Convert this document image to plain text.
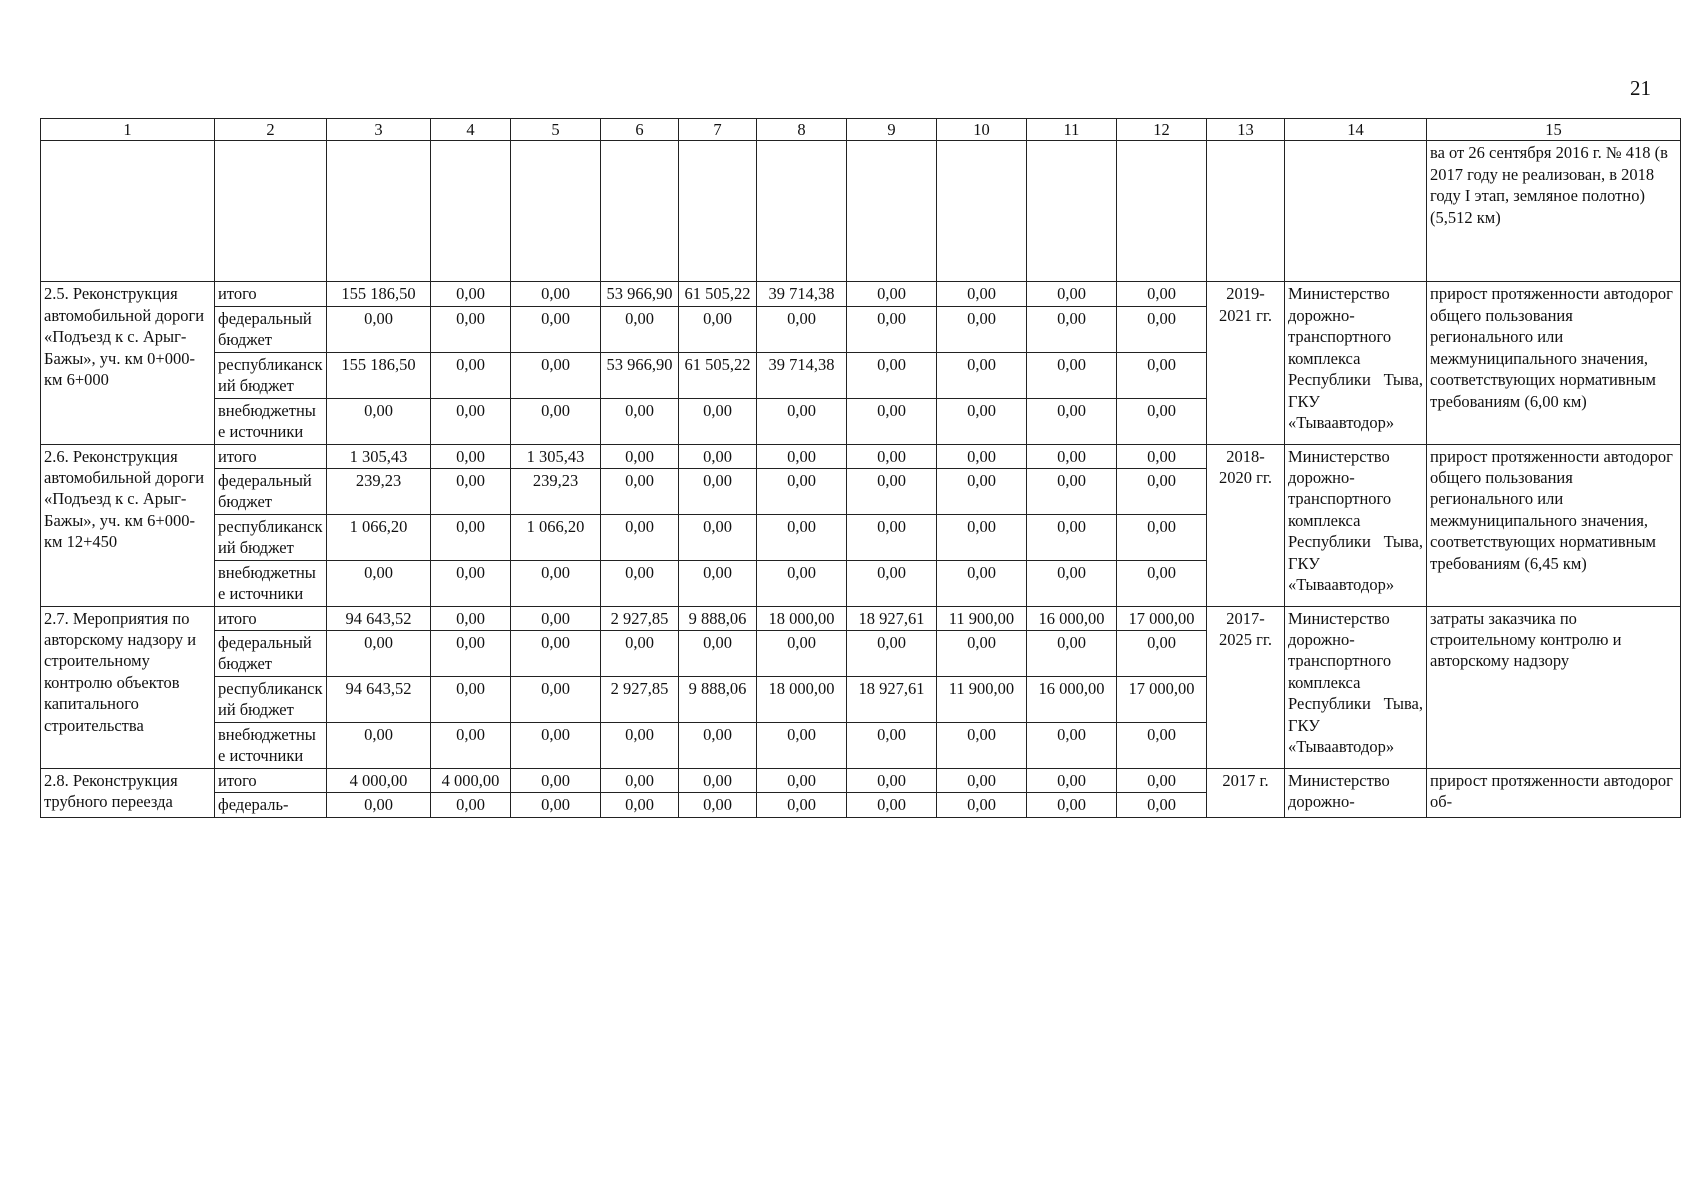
21
1	2	3	4	5	6	7	8	9	10	11	12	13	14	15
														ва от 26 сентября 2016 г. № 418 (в 2017 году не реализован, в 2018 году I этап, земляное полотно) (5,512 км)
2.5. Реконструкция автомобильной дороги «Подъезд к с. Арыг-Бажы», уч. км 0+000-км 6+000	итого	155 186,50	0,00	0,00	53 966,90	61 505,22	39 714,38	0,00	0,00	0,00	0,00	2019-2021 гг.	Министерство дорожно-транспортного комплекса Республики Тыва, ГКУ «Тываавтодор»	прирост протяженности автодорог общего пользования регионального или межмуниципального значения, соответствующих нормативным требованиям (6,00 км)
	федеральный бюджет	0,00	0,00	0,00	0,00	0,00	0,00	0,00	0,00	0,00	0,00			
	республиканский бюджет	155 186,50	0,00	0,00	53 966,90	61 505,22	39 714,38	0,00	0,00	0,00	0,00			
	внебюджетные источники	0,00	0,00	0,00	0,00	0,00	0,00	0,00	0,00	0,00	0,00			
2.6. Реконструкция автомобильной дороги «Подъезд к с. Арыг-Бажы», уч. км 6+000-км 12+450	итого	1 305,43	0,00	1 305,43	0,00	0,00	0,00	0,00	0,00	0,00	0,00	2018-2020 гг.	Министерство дорожно-транспортного комплекса Республики Тыва, ГКУ «Тываавтодор»	прирост протяженности автодорог общего пользования регионального или межмуниципального значения, соответствующих нормативным требованиям (6,45 км)
	федеральный бюджет	239,23	0,00	239,23	0,00	0,00	0,00	0,00	0,00	0,00	0,00			
	республиканский бюджет	1 066,20	0,00	1 066,20	0,00	0,00	0,00	0,00	0,00	0,00	0,00			
	внебюджетные источники	0,00	0,00	0,00	0,00	0,00	0,00	0,00	0,00	0,00	0,00			
2.7. Мероприятия по авторскому надзору и строительному контролю объектов капитального строительства	итого	94 643,52	0,00	0,00	2 927,85	9 888,06	18 000,00	18 927,61	11 900,00	16 000,00	17 000,00	2017-2025 гг.	Министерство дорожно-транспортного комплекса Республики Тыва, ГКУ «Тываавтодор»	затраты заказчика по строительному контролю и авторскому надзору
	федеральный бюджет	0,00	0,00	0,00	0,00	0,00	0,00	0,00	0,00	0,00	0,00			
	республиканский бюджет	94 643,52	0,00	0,00	2 927,85	9 888,06	18 000,00	18 927,61	11 900,00	16 000,00	17 000,00			
	внебюджетные источники	0,00	0,00	0,00	0,00	0,00	0,00	0,00	0,00	0,00	0,00			
2.8. Реконструкция трубного переезда	итого	4 000,00	4 000,00	0,00	0,00	0,00	0,00	0,00	0,00	0,00	0,00	2017 г.	Министерство дорожно-	прирост протяженности автодорог об-
	федераль-	0,00	0,00	0,00	0,00	0,00	0,00	0,00	0,00	0,00	0,00			
